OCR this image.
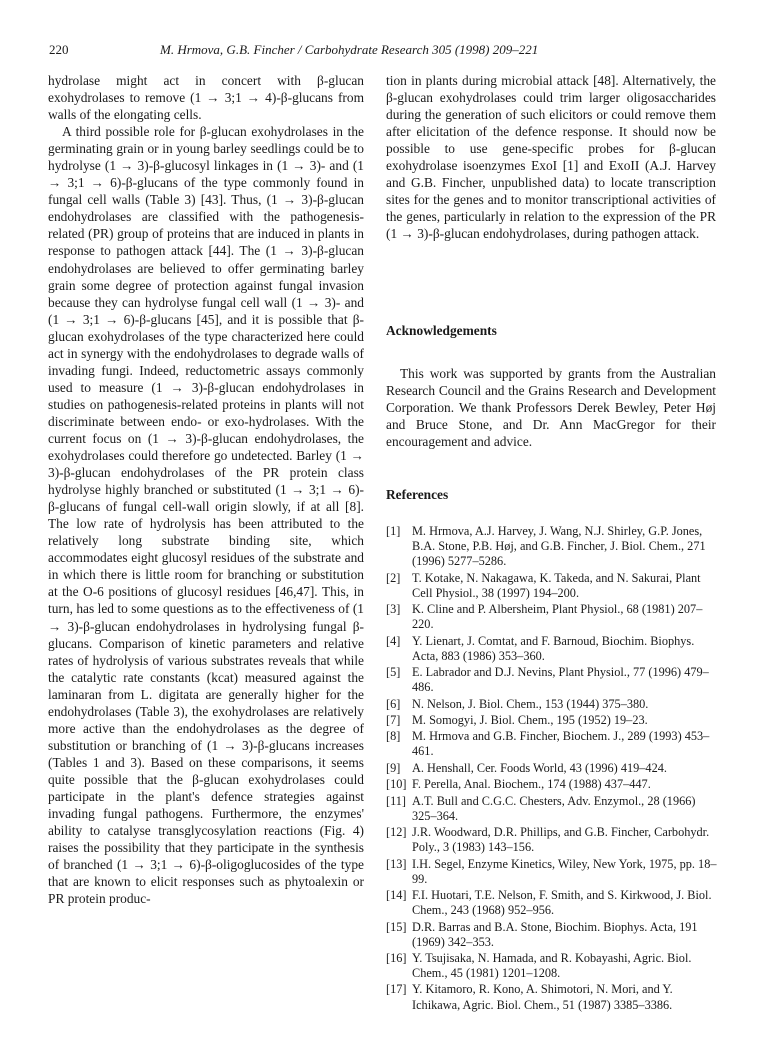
220	M. Hrmova, G.B. Fincher / Carbohydrate Research 305 (1998) 209–221

hydrolase might act in concert with β-glucan exohydrolases to remove (1 → 3;1 → 4)-β-glucans from walls of the elongating cells.

A third possible role for β-glucan exohydrolases in the germinating grain or in young barley seedlings could be to hydrolyse (1 → 3)-β-glucosyl linkages in (1 → 3)- and (1 → 3;1 → 6)-β-glucans of the type commonly found in fungal cell walls (Table 3) [43]. Thus, (1 → 3)-β-glucan endohydrolases are classified with the pathogenesis-related (PR) group of proteins that are induced in plants in response to pathogen attack [44]. The (1 → 3)-β-glucan endohydrolases are believed to offer germinating barley grain some degree of protection against fungal invasion because they can hydrolyse fungal cell wall (1 → 3)- and (1 → 3;1 → 6)-β-glucans [45], and it is possible that β-glucan exohydrolases of the type characterized here could act in synergy with the endohydrolases to degrade walls of invading fungi. Indeed, reductometric assays commonly used to measure (1 → 3)-β-glucan endohydrolases in studies on pathogenesis-related proteins in plants will not discriminate between endo- or exo-hydrolases. With the current focus on (1 → 3)-β-glucan endohydrolases, the exohydrolases could therefore go undetected. Barley (1 → 3)-β-glucan endohydrolases of the PR protein class hydrolyse highly branched or substituted (1 → 3;1 → 6)-β-glucans of fungal cell-wall origin slowly, if at all [8]. The low rate of hydrolysis has been attributed to the relatively long substrate binding site, which accommodates eight glucosyl residues of the substrate and in which there is little room for branching or substitution at the O-6 positions of glucosyl residues [46,47]. This, in turn, has led to some questions as to the effectiveness of (1 → 3)-β-glucan endohydrolases in hydrolysing fungal β-glucans. Comparison of kinetic parameters and relative rates of hydrolysis of various substrates reveals that while the catalytic rate constants (kcat) measured against the laminaran from L. digitata are generally higher for the endohydrolases (Table 3), the exohydrolases are relatively more active than the endohydrolases as the degree of substitution or branching of (1 → 3)-β-glucans increases (Tables 1 and 3). Based on these comparisons, it seems quite possible that the β-glucan exohydrolases could participate in the plant's defence strategies against invading fungal pathogens. Furthermore, the enzymes' ability to catalyse transglycosylation reactions (Fig. 4) raises the possibility that they participate in the synthesis of branched (1 → 3;1 → 6)-β-oligoglucosides of the type that are known to elicit responses such as phytoalexin or PR protein produc-

tion in plants during microbial attack [48]. Alternatively, the β-glucan exohydrolases could trim larger oligosaccharides during the generation of such elicitors or could remove them after elicitation of the defence response. It should now be possible to use gene-specific probes for β-glucan exohydrolase isoenzymes ExoI [1] and ExoII (A.J. Harvey and G.B. Fincher, unpublished data) to locate transcription sites for the genes and to monitor transcriptional activities of the genes, particularly in relation to the expression of the PR (1 → 3)-β-glucan endohydrolases, during pathogen attack.

Acknowledgements

This work was supported by grants from the Australian Research Council and the Grains Research and Development Corporation. We thank Professors Derek Bewley, Peter Høj and Bruce Stone, and Dr. Ann MacGregor for their encouragement and advice.

References
[1] M. Hrmova, A.J. Harvey, J. Wang, N.J. Shirley, G.P. Jones, B.A. Stone, P.B. Høj, and G.B. Fincher, J. Biol. Chem., 271 (1996) 5277–5286.
[2] T. Kotake, N. Nakagawa, K. Takeda, and N. Sakurai, Plant Cell Physiol., 38 (1997) 194–200.
[3] K. Cline and P. Albersheim, Plant Physiol., 68 (1981) 207–220.
[4] Y. Lienart, J. Comtat, and F. Barnoud, Biochim. Biophys. Acta, 883 (1986) 353–360.
[5] E. Labrador and D.J. Nevins, Plant Physiol., 77 (1996) 479–486.
[6] N. Nelson, J. Biol. Chem., 153 (1944) 375–380.
[7] M. Somogyi, J. Biol. Chem., 195 (1952) 19–23.
[8] M. Hrmova and G.B. Fincher, Biochem. J., 289 (1993) 453–461.
[9] A. Henshall, Cer. Foods World, 43 (1996) 419–424.
[10] F. Perella, Anal. Biochem., 174 (1988) 437–447.
[11] A.T. Bull and C.G.C. Chesters, Adv. Enzymol., 28 (1966) 325–364.
[12] J.R. Woodward, D.R. Phillips, and G.B. Fincher, Carbohydr. Poly., 3 (1983) 143–156.
[13] I.H. Segel, Enzyme Kinetics, Wiley, New York, 1975, pp. 18–99.
[14] F.I. Huotari, T.E. Nelson, F. Smith, and S. Kirkwood, J. Biol. Chem., 243 (1968) 952–956.
[15] D.R. Barras and B.A. Stone, Biochim. Biophys. Acta, 191 (1969) 342–353.
[16] Y. Tsujisaka, N. Hamada, and R. Kobayashi, Agric. Biol. Chem., 45 (1981) 1201–1208.
[17] Y. Kitamoro, R. Kono, A. Shimotori, N. Mori, and Y. Ichikawa, Agric. Biol. Chem., 51 (1987) 3385–3386.
